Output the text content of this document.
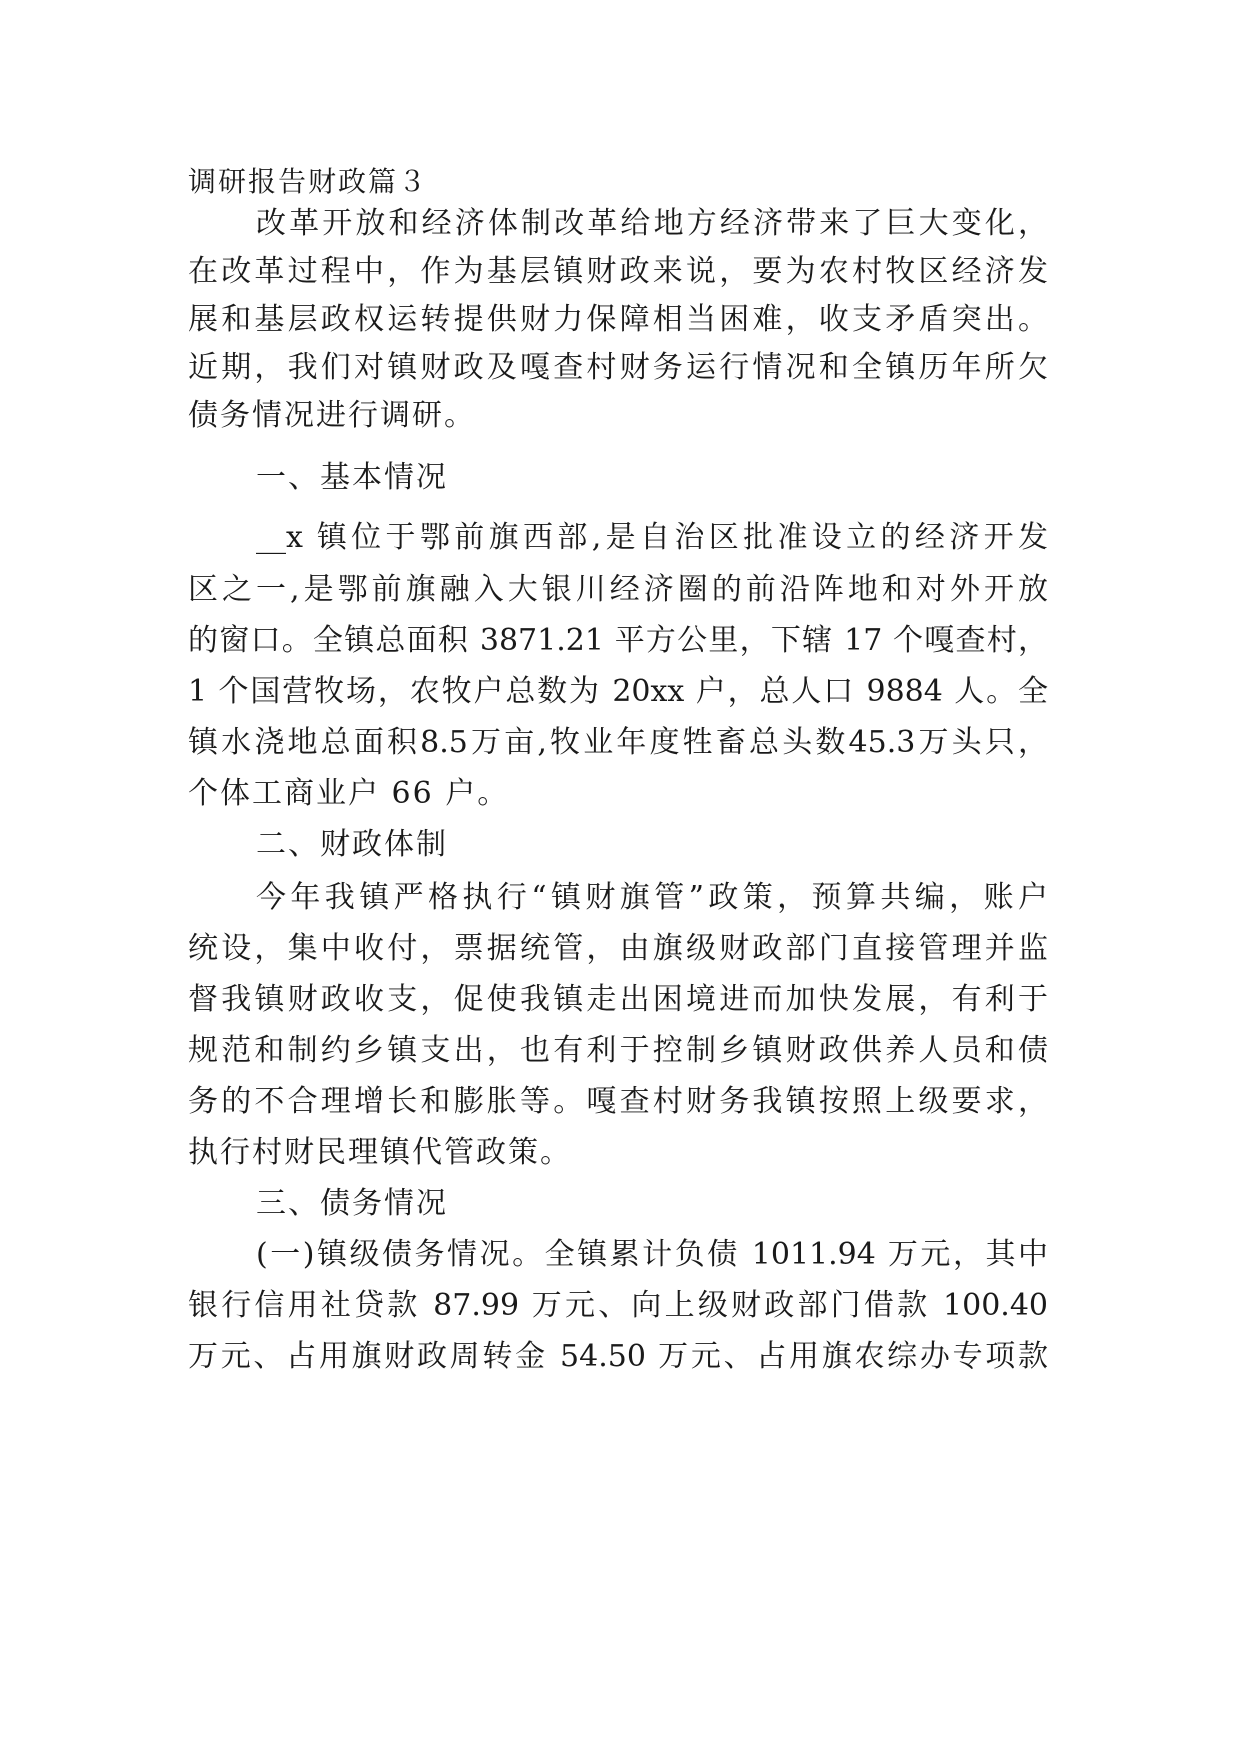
调研报告财政篇３
改革开放和经济体制改革给地方经济带来了巨大变化，
在改革过程中，作为基层镇财政来说，要为农村牧区经济发
展和基层政权运转提供财力保障相当困难，收支矛盾突出。
近期，我们对镇财政及嘎查村财务运行情况和全镇历年所欠
债务情况进行调研。
一、基本情况
__x 镇位于鄂前旗西部,是自治区批准设立的经济开发
区之一,是鄂前旗融入大银川经济圈的前沿阵地和对外开放
的窗口。全镇总面积 3871.21 平方公里，下辖 17 个嘎查村，
1 个国营牧场，农牧户总数为 20xx 户，总人口 9884 人。全
镇水浇地总面积8.5万亩,牧业年度牲畜总头数45.3万头只，
个体工商业户 66 户。
二、财政体制
今年我镇严格执行“镇财旗管”政策，预算共编，账户
统设，集中收付，票据统管，由旗级财政部门直接管理并监
督我镇财政收支，促使我镇走出困境进而加快发展，有利于
规范和制约乡镇支出，也有利于控制乡镇财政供养人员和债
务的不合理增长和膨胀等。嘎查村财务我镇按照上级要求，
执行村财民理镇代管政策。
三、债务情况
(一)镇级债务情况。全镇累计负债 1011.94 万元，其中
银行信用社贷款 87.99 万元、向上级财政部门借款 100.40
万元、占用旗财政周转金 54.50 万元、占用旗农综办专项款
